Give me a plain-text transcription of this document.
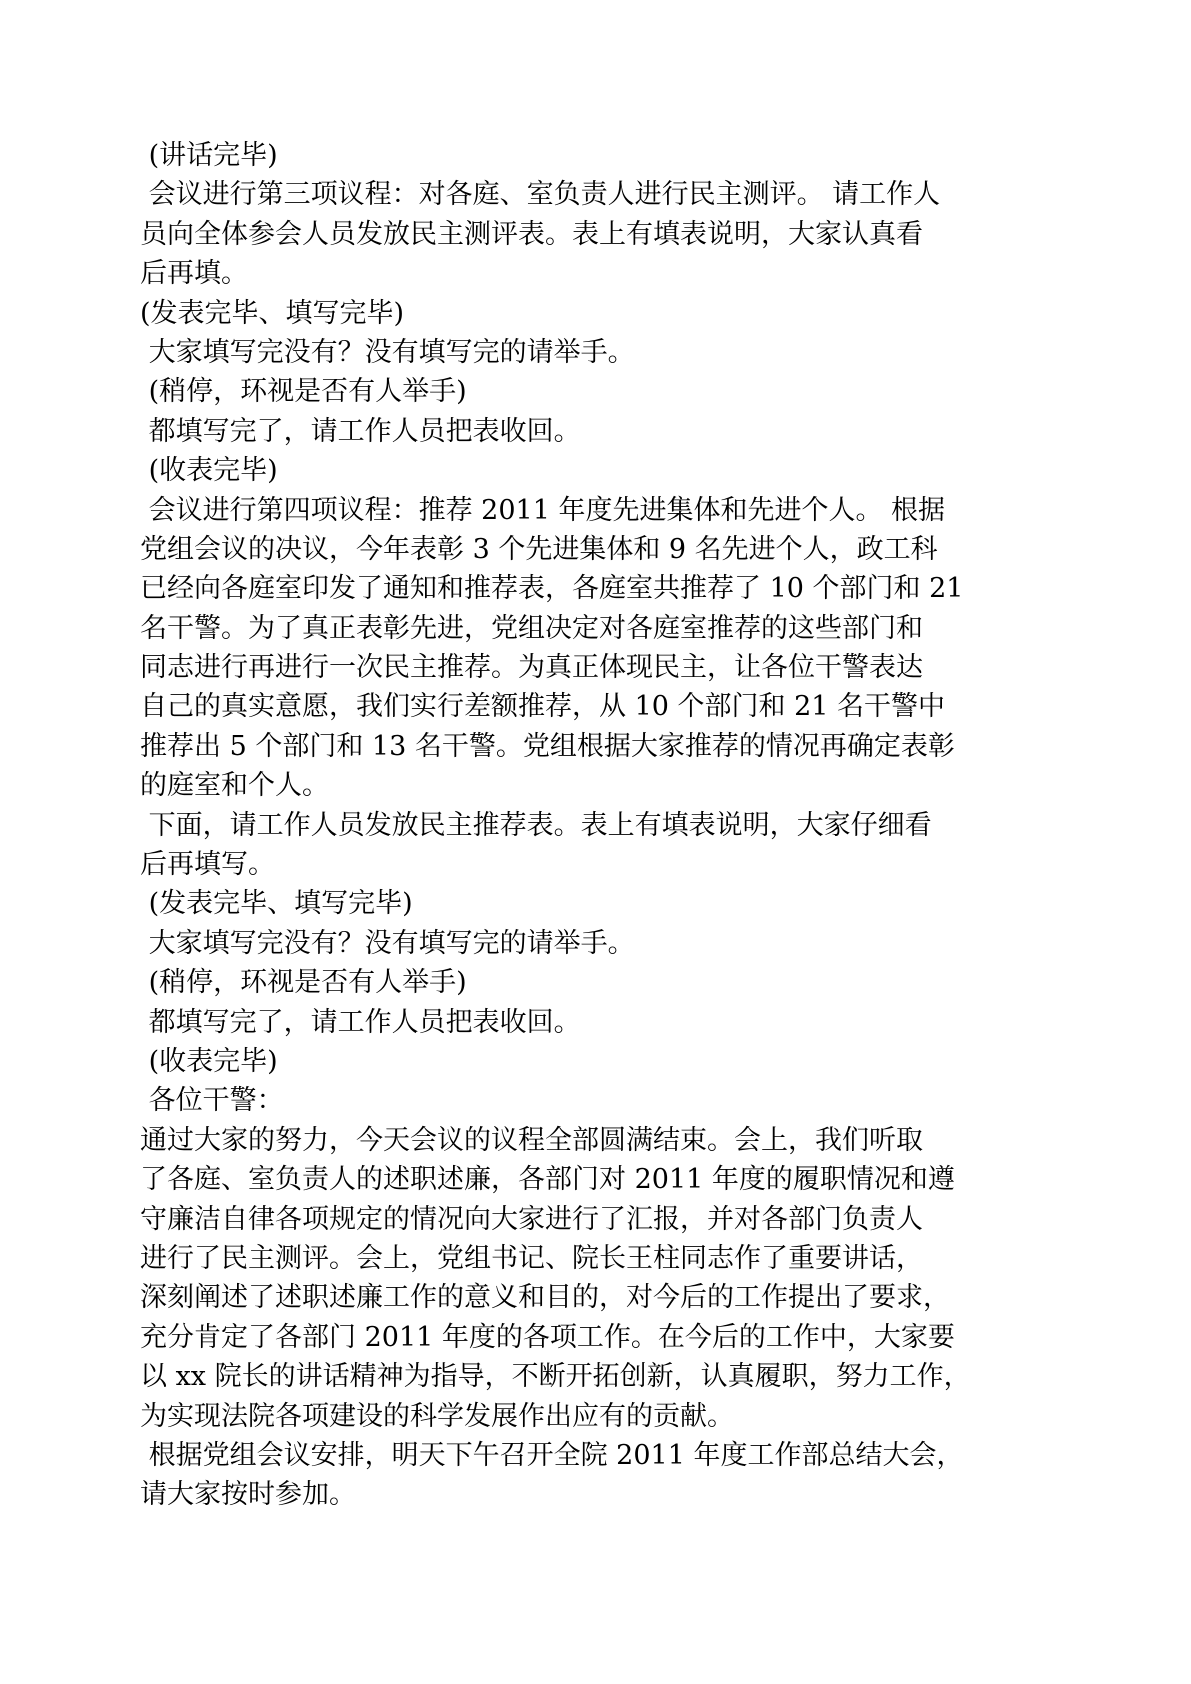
(讲话完毕)
会议进行第三项议程：对各庭、室负责人进行民主测评。 请工作人
员向全体参会人员发放民主测评表。表上有填表说明，大家认真看
后再填。
(发表完毕、填写完毕)
大家填写完没有？没有填写完的请举手。
(稍停，环视是否有人举手)
都填写完了，请工作人员把表收回。
(收表完毕)
会议进行第四项议程：推荐 2011 年度先进集体和先进个人。 根据
党组会议的决议，今年表彰 3 个先进集体和 9 名先进个人，政工科
已经向各庭室印发了通知和推荐表，各庭室共推荐了 10 个部门和 21
名干警。为了真正表彰先进，党组决定对各庭室推荐的这些部门和
同志进行再进行一次民主推荐。为真正体现民主，让各位干警表达
自己的真实意愿，我们实行差额推荐，从 10 个部门和 21 名干警中
推荐出 5 个部门和 13 名干警。党组根据大家推荐的情况再确定表彰
的庭室和个人。
下面，请工作人员发放民主推荐表。表上有填表说明，大家仔细看
后再填写。
(发表完毕、填写完毕)
大家填写完没有？没有填写完的请举手。
(稍停，环视是否有人举手)
都填写完了，请工作人员把表收回。
(收表完毕)
各位干警：
通过大家的努力，今天会议的议程全部圆满结束。会上，我们听取
了各庭、室负责人的述职述廉，各部门对 2011 年度的履职情况和遵
守廉洁自律各项规定的情况向大家进行了汇报，并对各部门负责人
进行了民主测评。会上，党组书记、院长王柱同志作了重要讲话，
深刻阐述了述职述廉工作的意义和目的，对今后的工作提出了要求，
充分肯定了各部门 2011 年度的各项工作。在今后的工作中，大家要
以 xx 院长的讲话精神为指导，不断开拓创新，认真履职，努力工作，
为实现法院各项建设的科学发展作出应有的贡献。
根据党组会议安排，明天下午召开全院 2011 年度工作部总结大会，
请大家按时参加。
